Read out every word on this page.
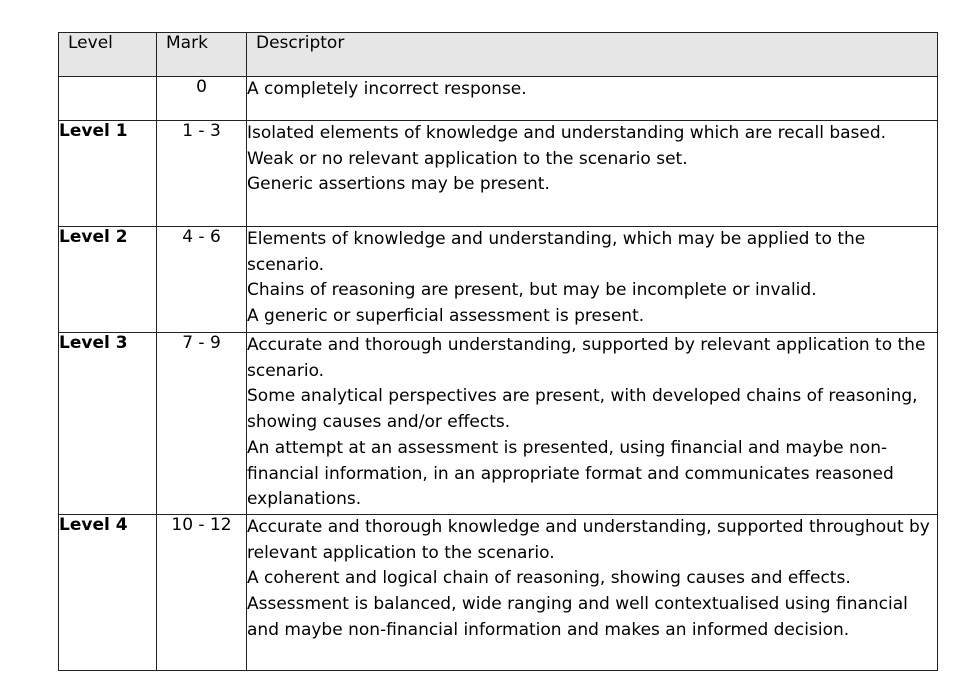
Level	Mark	Descriptor
	0	A completely incorrect response.

Level 1	1 - 3	Isolated elements of knowledge and understanding which are recall based.
Weak or no relevant application to the scenario set.
Generic assertions may be present.

Level 2	4 - 6	Elements of knowledge and understanding, which may be applied to the scenario.
Chains of reasoning are present, but may be incomplete or invalid.
A generic or superficial assessment is present.

Level 3	7 - 9	Accurate and thorough understanding, supported by relevant application to the scenario.
Some analytical perspectives are present, with developed chains of reasoning, showing causes and/or effects.
An attempt at an assessment is presented, using financial and maybe non-financial information, in an appropriate format and communicates reasoned explanations.

Level 4	10 - 12	Accurate and thorough knowledge and understanding, supported throughout by relevant application to the scenario.
A coherent and logical chain of reasoning, showing causes and effects.
Assessment is balanced, wide ranging and well contextualised using financial and maybe non-financial information and makes an informed decision.
